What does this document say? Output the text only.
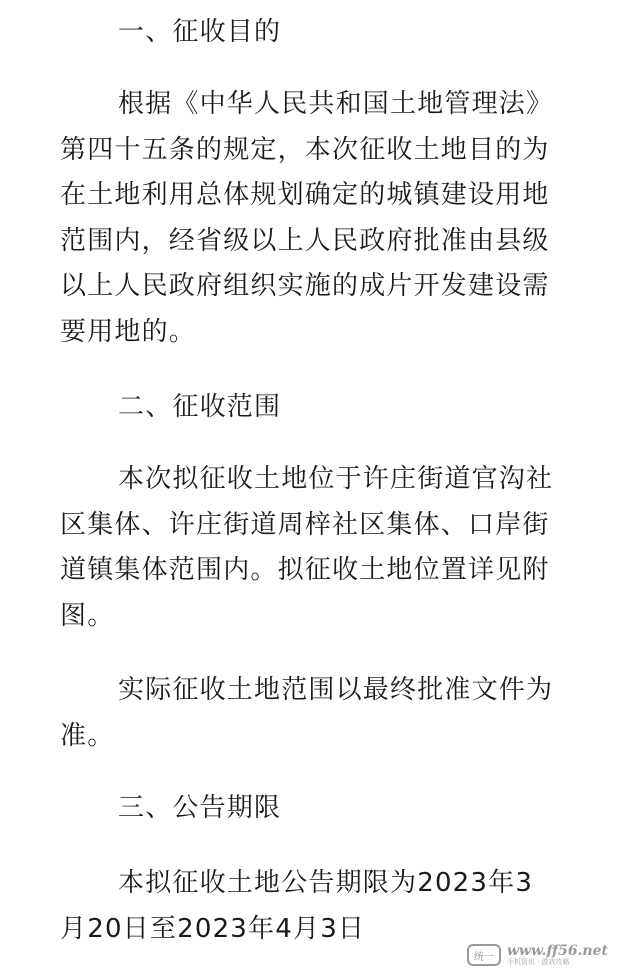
一、征收目的

根据《中华人民共和国土地管理法》第四十五条的规定，本次征收土地目的为在土地利用总体规划确定的城镇建设用地范围内，经省级以上人民政府批准由县级以上人民政府组织实施的成片开发建设需要用地的。

二、征收范围

本次拟征收土地位于许庄街道官沟社区集体、许庄街道周梓社区集体、口岸街道镇集体范围内。拟征收土地位置详见附图。

实际征收土地范围以最终批准文件为准。

三、公告期限

本拟征收土地公告期限为2023年3月20日至2023年4月3日

统一 www.ff56.net
手机资讯 · 游戏攻略
